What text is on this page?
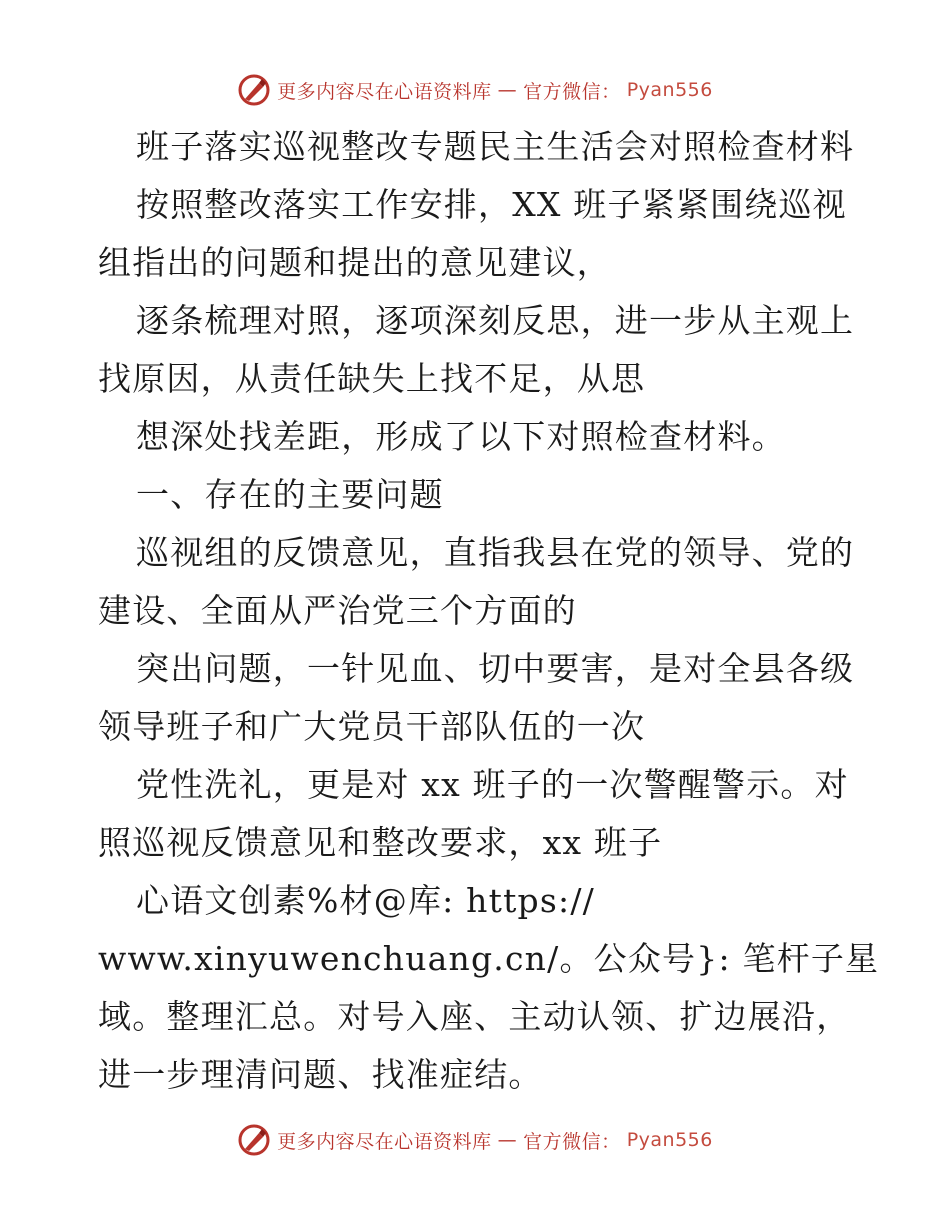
更多内容尽在心语资料库 — 官方微信： Pyan556
班子落实巡视整改专题民主生活会对照检查材料
按照整改落实工作安排，XX 班子紧紧围绕巡视
组指出的问题和提出的意见建议，
逐条梳理对照，逐项深刻反思，进一步从主观上
找原因，从责任缺失上找不足，从思
想深处找差距，形成了以下对照检查材料。
一、存在的主要问题
巡视组的反馈意见，直指我县在党的领导、党的
建设、全面从严治党三个方面的
突出问题，一针见血、切中要害，是对全县各级
领导班子和广大党员干部队伍的一次
党性洗礼，更是对 xx 班子的一次警醒警示。对
照巡视反馈意见和整改要求，xx 班子
心语文创素%材@库: https://
www.xinyuwenchuang.cn/。公众号}: 笔杆子星
域。整理汇总。对号入座、主动认领、扩边展沿，
进一步理清问题、找准症结。
更多内容尽在心语资料库 — 官方微信： Pyan556
